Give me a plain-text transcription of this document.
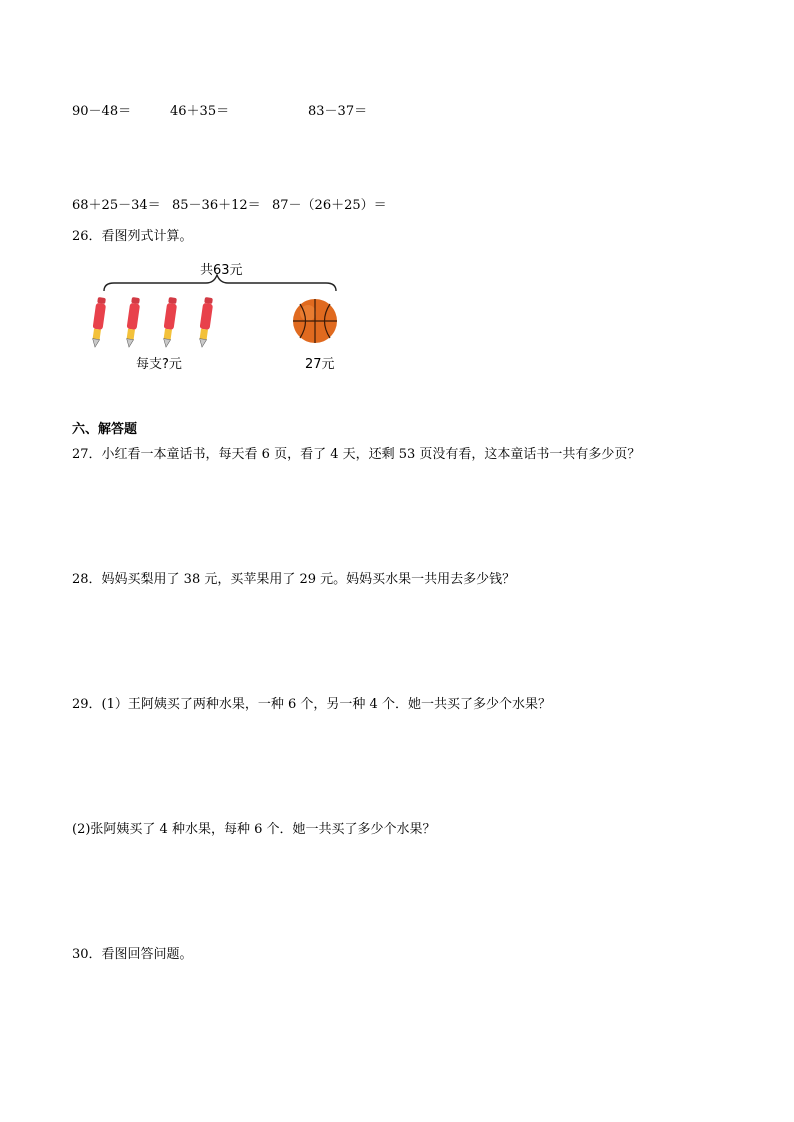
90－48＝	46＋35＝	83－37＝
68＋25－34＝ 85－36＋12＝ 87－（26＋25）＝
26．看图列式计算。
共63元
每支?元	27元
六、解答题
27．小红看一本童话书，每天看 6 页，看了 4 天，还剩 53 页没有看，这本童话书一共有多少页？
28．妈妈买梨用了 38 元，买苹果用了 29 元。妈妈买水果一共用去多少钱？
29．(1）王阿姨买了两种水果，一种 6 个，另一种 4 个．她一共买了多少个水果？
(2)张阿姨买了 4 种水果，每种 6 个．她一共买了多少个水果？
30．看图回答问题。
